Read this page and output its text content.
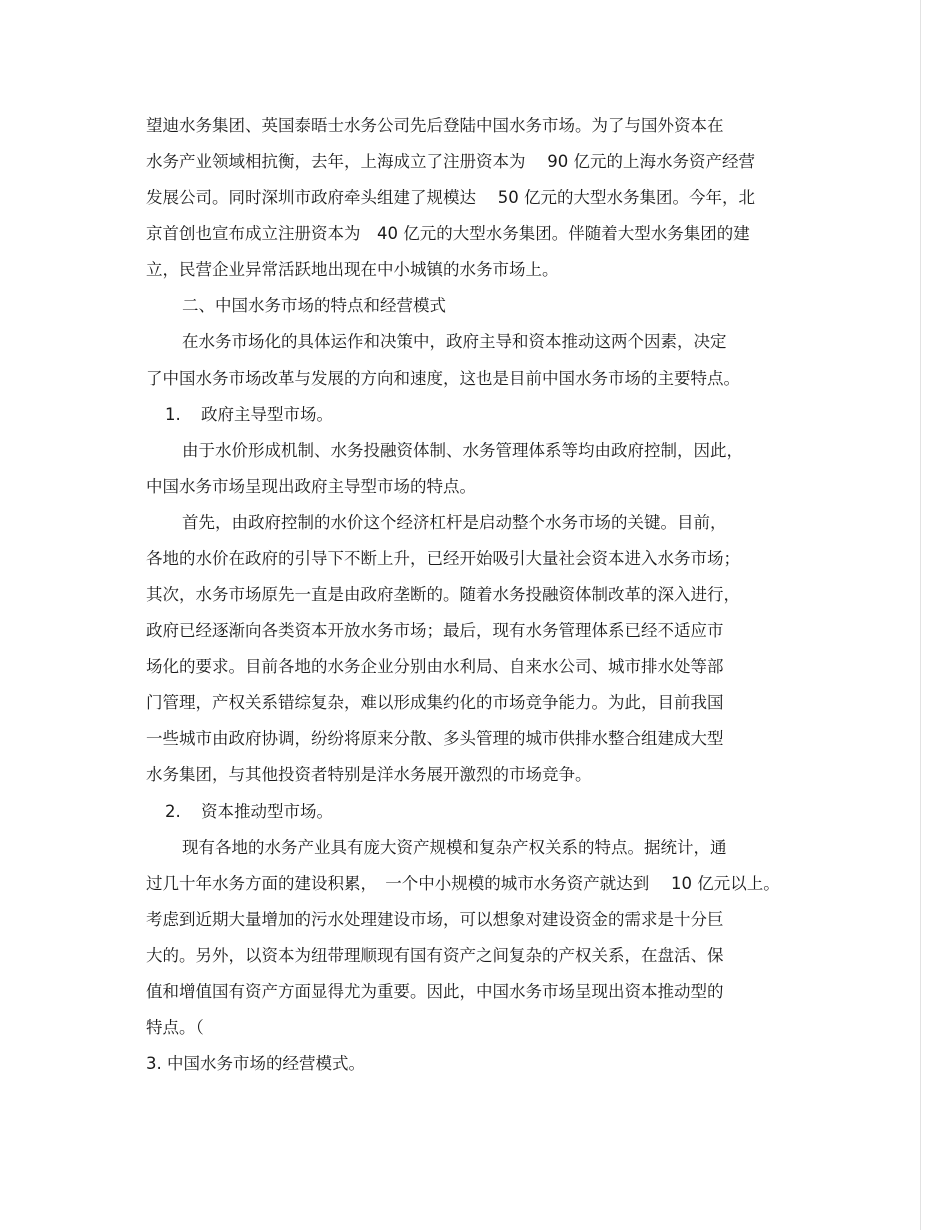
望迪水务集团、英国泰晤士水务公司先后登陆中国水务市场。为了与国外资本在
水务产业领域相抗衡，去年，上海成立了注册资本为　 90 亿元的上海水务资产经营
发展公司。同时深圳市政府牵头组建了规模达　 50 亿元的大型水务集团。今年，北
京首创也宣布成立注册资本为　40 亿元的大型水务集团。伴随着大型水务集团的建
立，民营企业异常活跃地出现在中小城镇的水务市场上。
二、中国水务市场的特点和经营模式
在水务市场化的具体运作和决策中，政府主导和资本推动这两个因素，决定
了中国水务市场改革与发展的方向和速度，这也是目前中国水务市场的主要特点。
1. 政府主导型市场。
由于水价形成机制、水务投融资体制、水务管理体系等均由政府控制，因此，
中国水务市场呈现出政府主导型市场的特点。
首先，由政府控制的水价这个经济杠杆是启动整个水务市场的关键。目前，
各地的水价在政府的引导下不断上升，已经开始吸引大量社会资本进入水务市场；
其次，水务市场原先一直是由政府垄断的。随着水务投融资体制改革的深入进行，
政府已经逐渐向各类资本开放水务市场；最后，现有水务管理体系已经不适应市
场化的要求。目前各地的水务企业分别由水利局、自来水公司、城市排水处等部
门管理，产权关系错综复杂，难以形成集约化的市场竞争能力。为此，目前我国
一些城市由政府协调，纷纷将原来分散、多头管理的城市供排水整合组建成大型
水务集团，与其他投资者特别是洋水务展开激烈的市场竞争。
2. 资本推动型市场。
现有各地的水务产业具有庞大资产规模和复杂产权关系的特点。据统计，通
过几十年水务方面的建设积累，　一个中小规模的城市水务资产就达到　 10 亿元以上。
考虑到近期大量增加的污水处理建设市场，可以想象对建设资金的需求是十分巨
大的。另外，以资本为纽带理顺现有国有资产之间复杂的产权关系，在盘活、保
值和增值国有资产方面显得尤为重要。因此，中国水务市场呈现出资本推动型的
特点。（
3. 中国水务市场的经营模式。
